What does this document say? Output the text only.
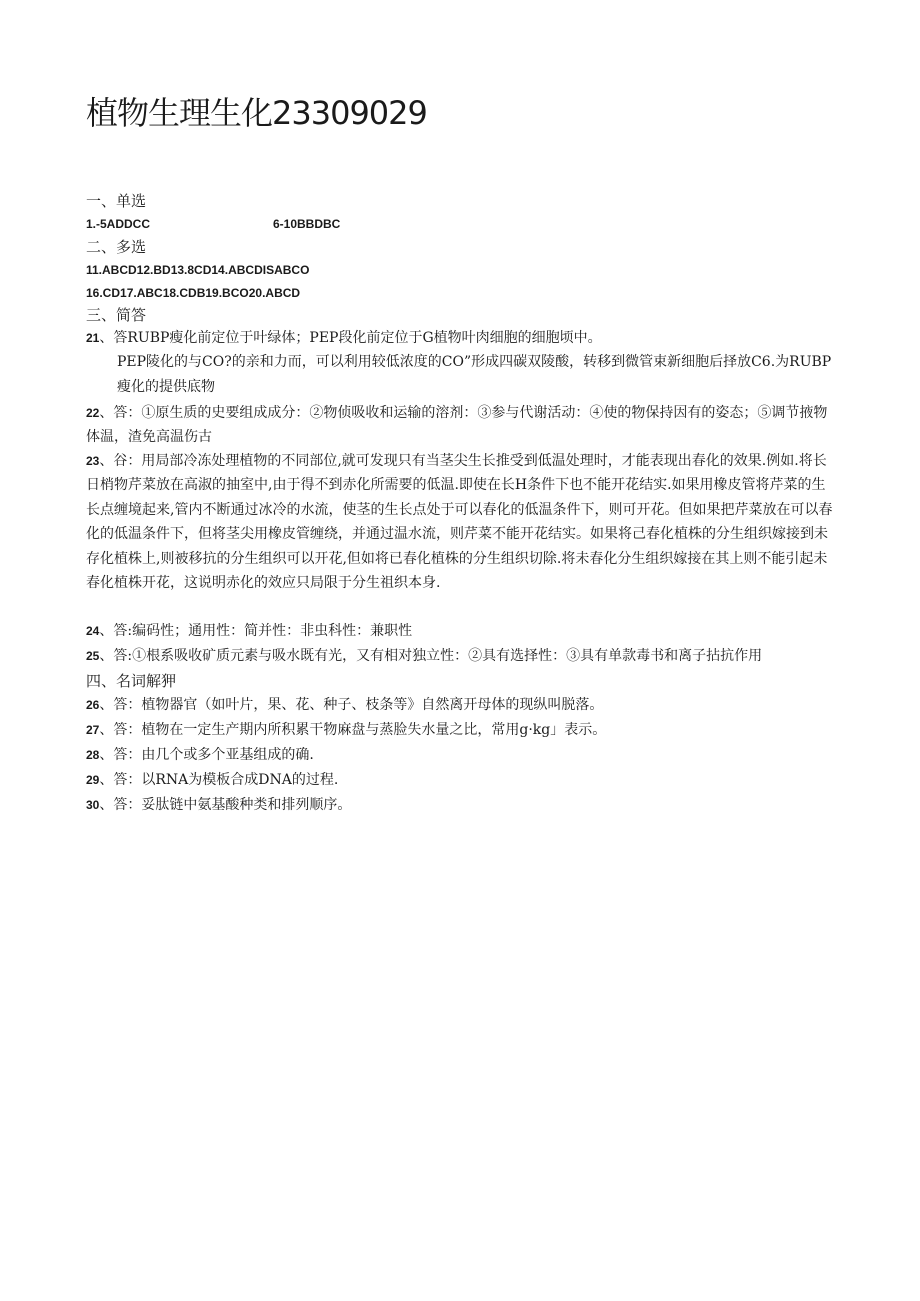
植物生理生化23309029
一、单选
1.-5ADDCC	6-10BBDBC
二、多选
11.ABCD12.BD13.8CD14.ABCDISABCO
16.CD17.ABC18.CDB19.BCO20.ABCD
三、简答

21、答RUBP瘦化前定位于叶绿体；PEP段化前定位于G植物叶肉细胞的细胞顷中。

PEP陵化的与CO?的亲和力而，可以利用较低浓度的CO”形成四碳双陵酸，转移到微管束新细胞后择放C6.为RUBP瘦化的提供底物

22、答：①原生质的史要组成成分：②物侦吸收和运输的溶剂：③参与代谢活动：④使的物保持因有的姿态；⑤调节掖物体温，渣免高温伤古

23、谷：用局部冷冻处理植物的不同部位,就可发现只有当茎尖生长推受到低温处理时，才能表现出春化的效果.例如.将长日梢物芹菜放在高淑的抽室中,由于得不到赤化所需要的低温.即使在长H条件下也不能开花结实.如果用橡皮管将芹菜的生长点缠境起来,管内不断通过冰冷的水流，使茎的生长点处于可以春化的低温条件下，则可开花。但如果把芹菜放在可以春化的低温条件下，但将茎尖用橡皮管缠绕，并通过温水流，则芹菜不能开花结实。如果将己春化植株的分生组织嫁接到未存化植株上,则被移抗的分生组织可以开花,但如将已春化植株的分生组织切除.将未春化分生组织嫁接在其上则不能引起未春化植株开花，这说明赤化的效应只局限于分生祖织本身.

24、答:编码性；通用性：简并性：非虫科性：兼职性

25、答:①根系吸收矿质元素与吸水既有光，又有相对独立性：②具有选择性：③具有单款毒书和离子拈抗作用

四、名词解狎

26、答：植物器官（如叶片，果、花、种子、枝条等》自然离开母体的现纵叫脱落。

27、答：植物在一定生产期内所积累干物麻盘与蒸脸失水量之比，常用g·kg」表示。

28、答：由几个或多个亚基组成的确.

29、答：以RNA为模板合成DNA的过程.

30、答：妥肽链中氨基酸种类和排列顺序。
